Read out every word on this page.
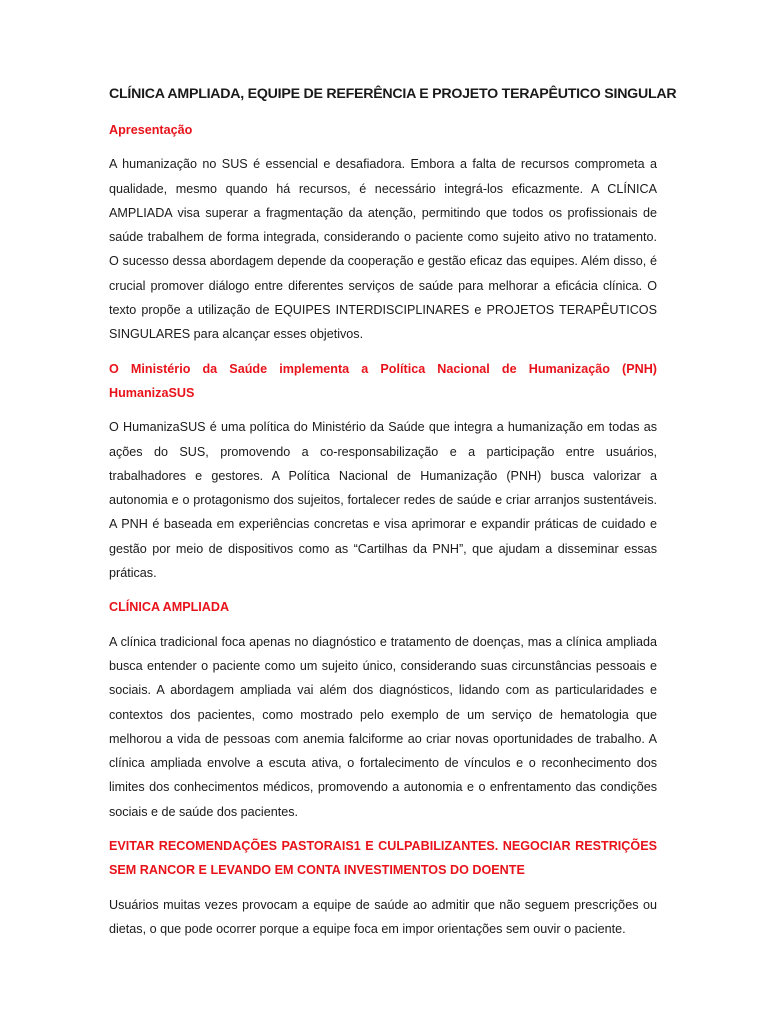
CLÍNICA AMPLIADA, EQUIPE DE REFERÊNCIA E PROJETO TERAPÊUTICO SINGULAR
Apresentação

A humanização no SUS é essencial e desafiadora. Embora a falta de recursos comprometa a qualidade, mesmo quando há recursos, é necessário integrá-los eficazmente. A CLÍNICA AMPLIADA visa superar a fragmentação da atenção, permitindo que todos os profissionais de saúde trabalhem de forma integrada, considerando o paciente como sujeito ativo no tratamento. O sucesso dessa abordagem depende da cooperação e gestão eficaz das equipes. Além disso, é crucial promover diálogo entre diferentes serviços de saúde para melhorar a eficácia clínica. O texto propõe a utilização de EQUIPES INTERDISCIPLINARES e PROJETOS TERAPÊUTICOS SINGULARES para alcançar esses objetivos.

O Ministério da Saúde implementa a Política Nacional de Humanização (PNH) HumanizaSUS

O HumanizaSUS é uma política do Ministério da Saúde que integra a humanização em todas as ações do SUS, promovendo a co-responsabilização e a participação entre usuários, trabalhadores e gestores. A Política Nacional de Humanização (PNH) busca valorizar a autonomia e o protagonismo dos sujeitos, fortalecer redes de saúde e criar arranjos sustentáveis. A PNH é baseada em experiências concretas e visa aprimorar e expandir práticas de cuidado e gestão por meio de dispositivos como as “Cartilhas da PNH”, que ajudam a disseminar essas práticas.

CLÍNICA AMPLIADA

A clínica tradicional foca apenas no diagnóstico e tratamento de doenças, mas a clínica ampliada busca entender o paciente como um sujeito único, considerando suas circunstâncias pessoais e sociais. A abordagem ampliada vai além dos diagnósticos, lidando com as particularidades e contextos dos pacientes, como mostrado pelo exemplo de um serviço de hematologia que melhorou a vida de pessoas com anemia falciforme ao criar novas oportunidades de trabalho. A clínica ampliada envolve a escuta ativa, o fortalecimento de vínculos e o reconhecimento dos limites dos conhecimentos médicos, promovendo a autonomia e o enfrentamento das condições sociais e de saúde dos pacientes.

EVITAR RECOMENDAÇÕES PASTORAIS1 E CULPABILIZANTES. NEGOCIAR RESTRIÇÕES SEM RANCOR E LEVANDO EM CONTA INVESTIMENTOS DO DOENTE

Usuários muitas vezes provocam a equipe de saúde ao admitir que não seguem prescrições ou dietas, o que pode ocorrer porque a equipe foca em impor orientações sem ouvir o paciente.
